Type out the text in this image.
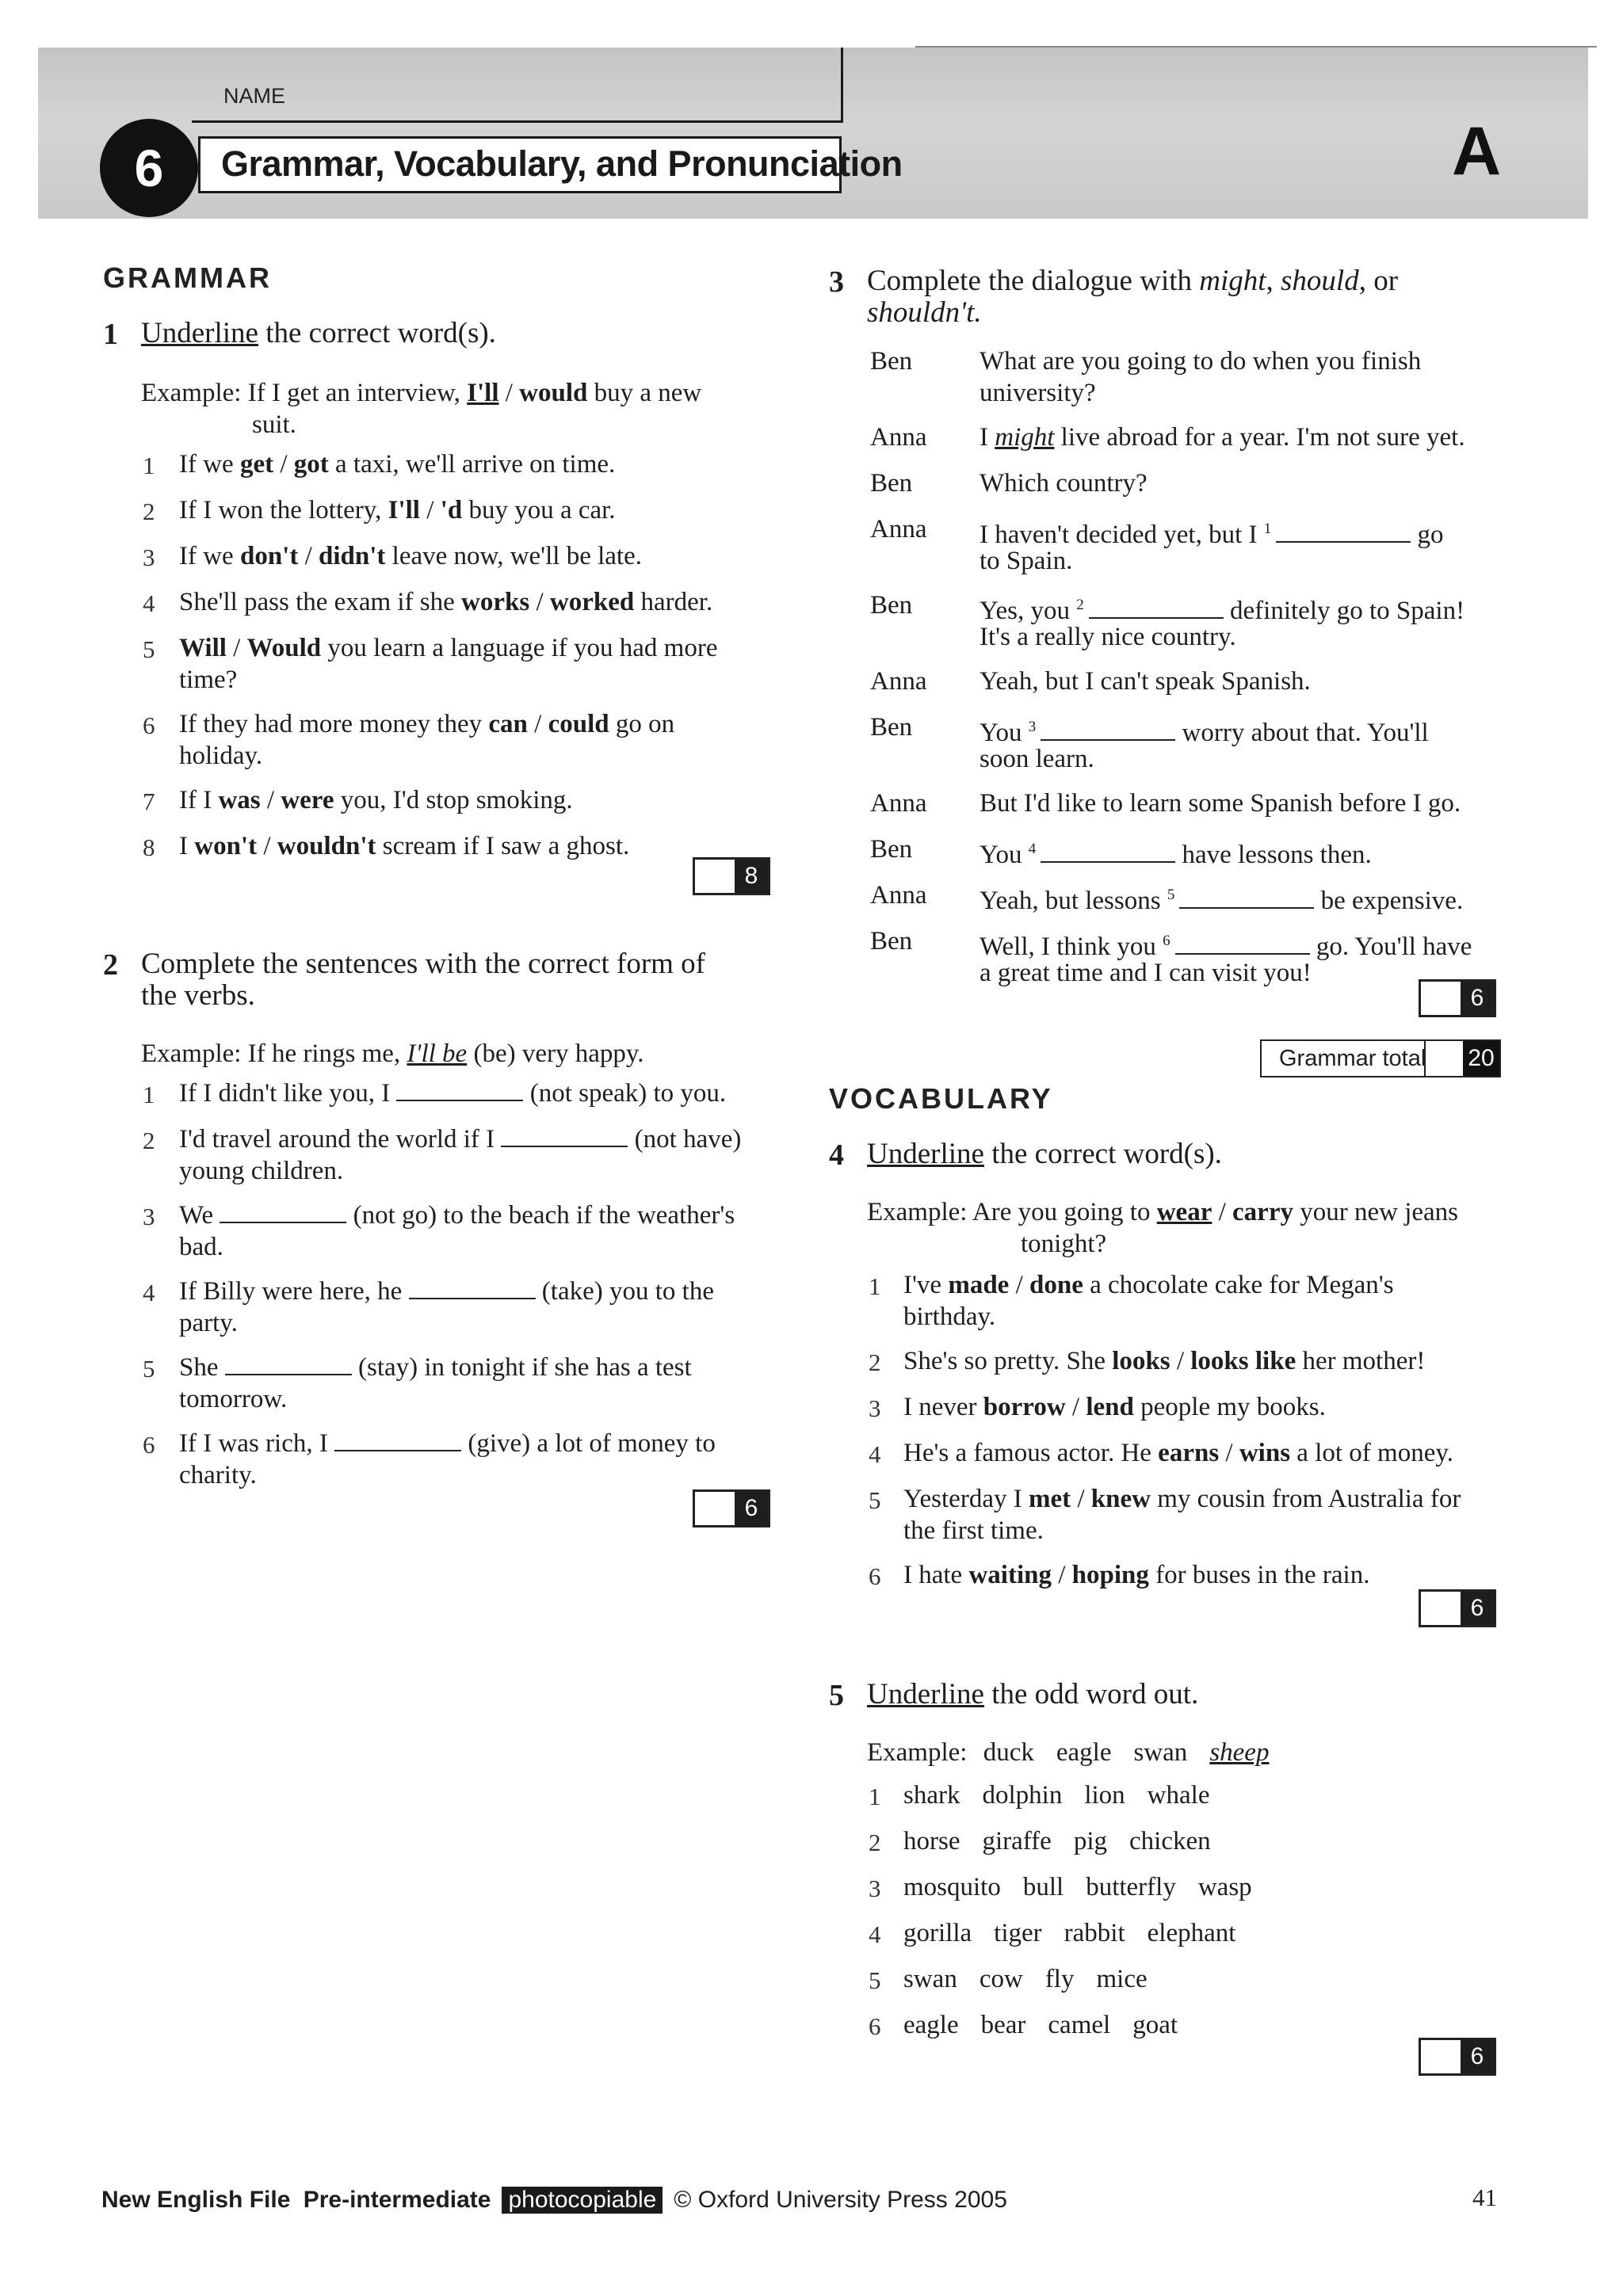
NAME
Grammar, Vocabulary, and Pronunciation
6	A
GRAMMAR
1 Underline the correct word(s).
Example: If I get an interview, I'll / would buy a new
suit.
1 If we get / got a taxi, we'll arrive on time.
2 If I won the lottery, I'll / 'd buy you a car.
3 If we don't / didn't leave now, we'll be late.
4 She'll pass the exam if she works / worked harder.
5 Will / Would you learn a language if you had more
time?
6 If they had more money they can / could go on
holiday.
7 If I was / were you, I'd stop smoking.
8 I won't / wouldn't scream if I saw a ghost.
8
2 Complete the sentences with the correct form of
the verbs.
Example: If he rings me, I'll be (be) very happy.
1 If I didn't like you, I	(not speak) to you.
2 I'd travel around the world if I	(not have)
young children.
3 We	(not go) to the beach if the weather's
bad.
4 If Billy were here, he	(take) you to the
party.
5 She	(stay) in tonight if she has a test
tomorrow.
6 If I was rich, I	(give) a lot of money to
charity.
6
3 Complete the dialogue with might, should, or
shouldn't.
Ben	What are you going to do when you finish
university?
Anna I might live abroad for a year. I'm not sure yet.
Ben	Which country?
Anna I haven't decided yet, but I $^1$	go
to Spain.
Ben	Yes, you $^2$	definitely go to Spain!
It's a really nice country.
Anna Yeah, but I can't speak Spanish.
Ben	You $^3$	worry about that. You'll
soon learn.
Anna But I'd like to learn some Spanish before I go.
Ben	You $^4$	have lessons then.
Anna Yeah, but lessons $^5$	be expensive.
Ben	Well, I think you $^6$	go. You'll have
a great time and I can visit you!
6
Grammar total 20
VOCABULARY
4 Underline the correct word(s).
Example: Are you going to wear / carry your new jeans
tonight?
1 I've made / done a chocolate cake for Megan's
birthday.
2 She's so pretty. She looks / looks like her mother!
3 I never borrow / lend people my books.
4 He's a famous actor. He earns / wins a lot of money.
5 Yesterday I met / knew my cousin from Australia for
the first time.
6 I hate waiting / hoping for buses in the rain.
6
5 Underline the odd word out.
Example: duck eagle swan sheep
1 shark dolphin lion whale
2 horse giraffe pig chicken
3 mosquito bull butterfly wasp
4 gorilla tiger rabbit elephant
5 swan cow fly mice
6 eagle bear camel goat
6
New English File Pre-intermediate photocopiable © Oxford University Press 2005	41
